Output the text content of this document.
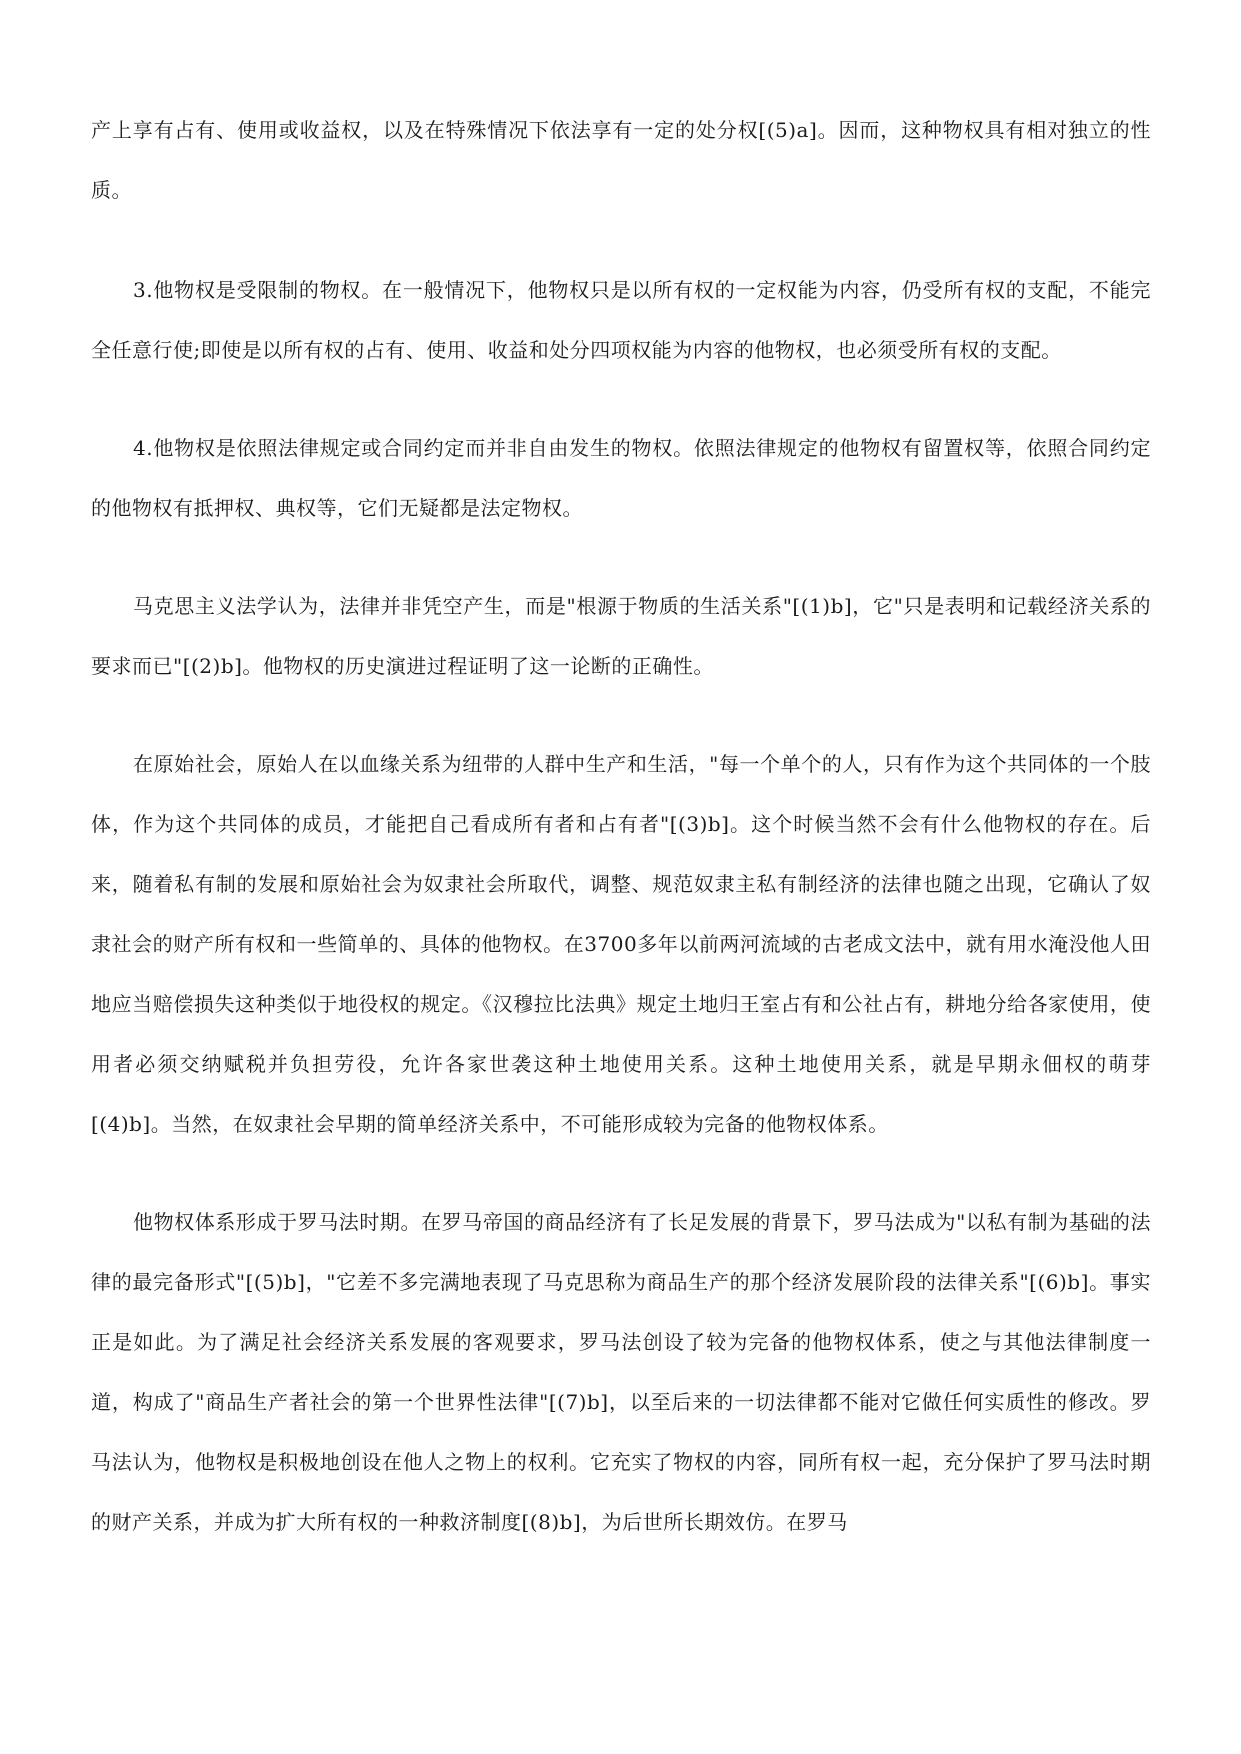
产上享有占有、使用或收益权，以及在特殊情况下依法享有一定的处分权[(5)a]。因而，这种物权具有相对独立的性质。

3.他物权是受限制的物权。在一般情况下，他物权只是以所有权的一定权能为内容，仍受所有权的支配，不能完全任意行使;即使是以所有权的占有、使用、收益和处分四项权能为内容的他物权，也必须受所有权的支配。

4.他物权是依照法律规定或合同约定而并非自由发生的物权。依照法律规定的他物权有留置权等，依照合同约定的他物权有抵押权、典权等，它们无疑都是法定物权。

马克思主义法学认为，法律并非凭空产生，而是"根源于物质的生活关系"[(1)b]，它"只是表明和记载经济关系的要求而已"[(2)b]。他物权的历史演进过程证明了这一论断的正确性。

在原始社会，原始人在以血缘关系为纽带的人群中生产和生活，"每一个单个的人，只有作为这个共同体的一个肢体，作为这个共同体的成员，才能把自己看成所有者和占有者"[(3)b]。这个时候当然不会有什么他物权的存在。后来，随着私有制的发展和原始社会为奴隶社会所取代，调整、规范奴隶主私有制经济的法律也随之出现，它确认了奴隶社会的财产所有权和一些简单的、具体的他物权。在3700多年以前两河流域的古老成文法中，就有用水淹没他人田地应当赔偿损失这种类似于地役权的规定。《汉穆拉比法典》规定土地归王室占有和公社占有，耕地分给各家使用，使用者必须交纳赋税并负担劳役，允许各家世袭这种土地使用关系。这种土地使用关系，就是早期永佃权的萌芽[(4)b]。当然，在奴隶社会早期的简单经济关系中，不可能形成较为完备的他物权体系。

他物权体系形成于罗马法时期。在罗马帝国的商品经济有了长足发展的背景下，罗马法成为"以私有制为基础的法律的最完备形式"[(5)b]，"它差不多完满地表现了马克思称为商品生产的那个经济发展阶段的法律关系"[(6)b]。事实正是如此。为了满足社会经济关系发展的客观要求，罗马法创设了较为完备的他物权体系，使之与其他法律制度一道，构成了"商品生产者社会的第一个世界性法律"[(7)b]，以至后来的一切法律都不能对它做任何实质性的修改。罗马法认为，他物权是积极地创设在他人之物上的权利。它充实了物权的内容，同所有权一起，充分保护了罗马法时期的财产关系，并成为扩大所有权的一种救济制度[(8)b]，为后世所长期效仿。在罗马
